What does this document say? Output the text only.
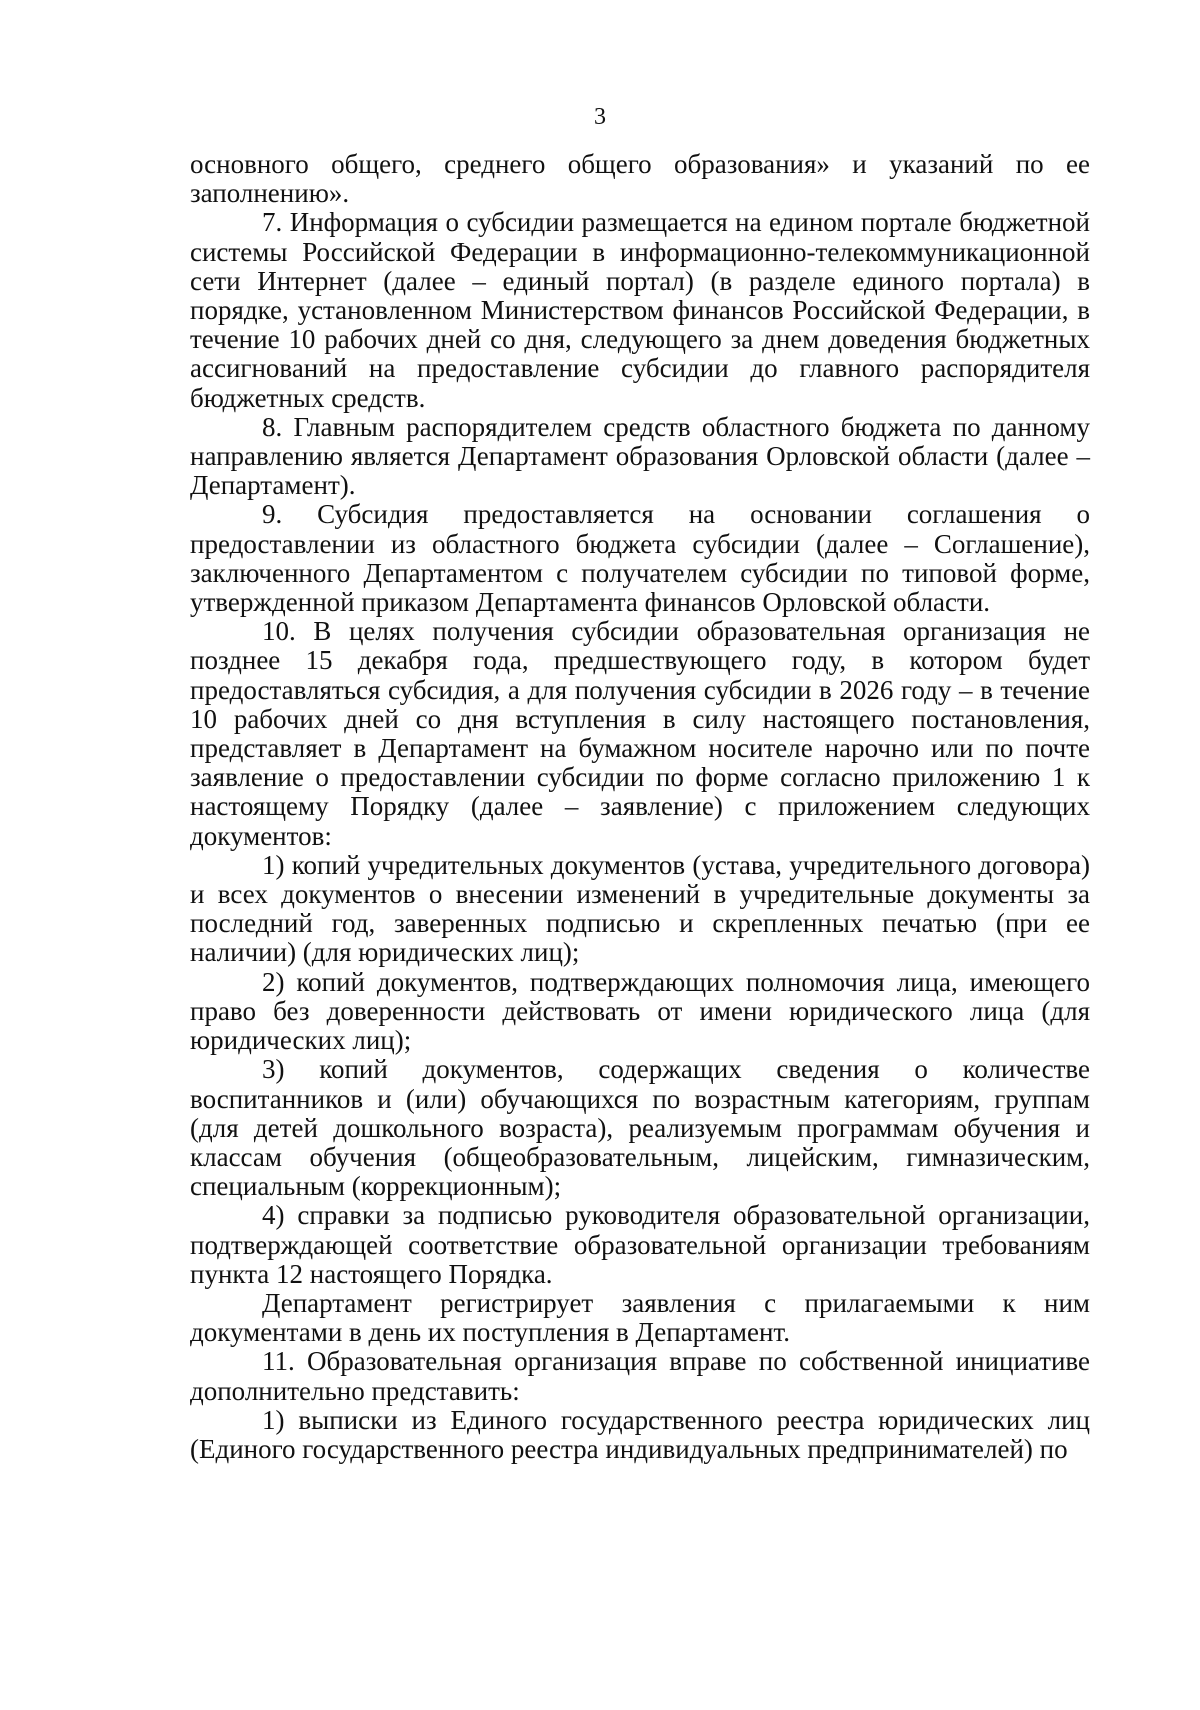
3

основного общего, среднего общего образования» и указаний по ее заполнению».

7. Информация о субсидии размещается на едином портале бюджетной системы Российской Федерации в информационно-телекоммуникационной сети Интернет (далее – единый портал) (в разделе единого портала) в порядке, установленном Министерством финансов Российской Федерации, в течение 10 рабочих дней со дня, следующего за днем доведения бюджетных ассигнований на предоставление субсидии до главного распорядителя бюджетных средств.

8. Главным распорядителем средств областного бюджета по данному направлению является Департамент образования Орловской области (далее – Департамент).

9. Субсидия предоставляется на основании соглашения о предоставлении из областного бюджета субсидии (далее – Соглашение), заключенного Департаментом с получателем субсидии по типовой форме, утвержденной приказом Департамента финансов Орловской области.

10. В целях получения субсидии образовательная организация не позднее 15 декабря года, предшествующего году, в котором будет предоставляться субсидия, а для получения субсидии в 2026 году – в течение 10 рабочих дней со дня вступления в силу настоящего постановления, представляет в Департамент на бумажном носителе нарочно или по почте заявление о предоставлении субсидии по форме согласно приложению 1 к настоящему Порядку (далее – заявление) с приложением следующих документов:

1) копий учредительных документов (устава, учредительного договора) и всех документов о внесении изменений в учредительные документы за последний год, заверенных подписью и скрепленных печатью (при ее наличии) (для юридических лиц);

2) копий документов, подтверждающих полномочия лица, имеющего право без доверенности действовать от имени юридического лица (для юридических лиц);

3) копий документов, содержащих сведения о количестве воспитанников и (или) обучающихся по возрастным категориям, группам (для детей дошкольного возраста), реализуемым программам обучения и классам обучения (общеобразовательным, лицейским, гимназическим, специальным (коррекционным);

4) справки за подписью руководителя образовательной организации, подтверждающей соответствие образовательной организации требованиям пункта 12 настоящего Порядка.

Департамент регистрирует заявления с прилагаемыми к ним документами в день их поступления в Департамент.

11. Образовательная организация вправе по собственной инициативе дополнительно представить:

1) выписки из Единого государственного реестра юридических лиц (Единого государственного реестра индивидуальных предпринимателей) по
